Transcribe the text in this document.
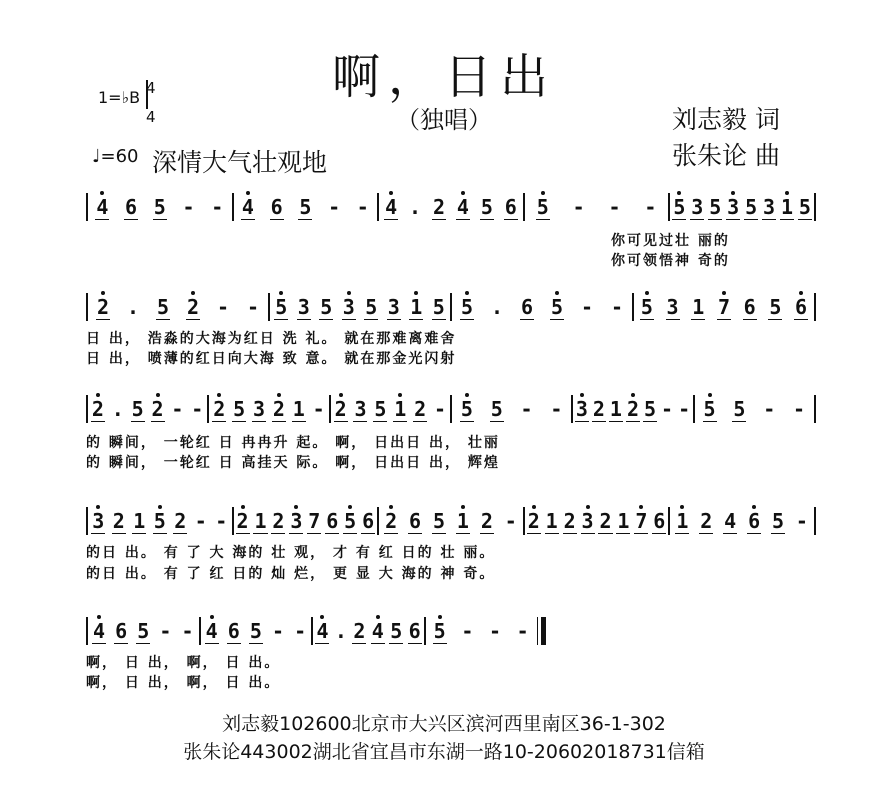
啊，日出
（独唱）
1=♭B 4
4
♩=60 深情大气壮观地
刘志毅 词
张朱论 曲
4 6 5 - - 4 6 5 - - 4 . 2 4 5 6 5 - - - 5 3 5 3 5 3 1 5
你可见过壮 丽的
你可领悟神 奇的
2 . 5 2 - - 5 3 5 3 5 3 1 5 5 . 6 5 - - 5 3 1 7 6 5 6
日 出， 浩淼的大海为红日 洗 礼。 就在那难离难舍
日 出， 喷薄的红日向大海 致 意。 就在那金光闪射
2 . 5 2 - - 2 5 3 2 1 - 2 3 5 1 2 - 5 5 - - 3 2 1 2 5 - - 5 5 - -
的 瞬间， 一轮红 日 冉冉升 起。 啊， 日出日 出， 壮丽
的 瞬间， 一轮红 日 高挂天 际。 啊， 日出日 出， 辉煌
3 2 1 5 2 - - 2 1 2 3 7 6 5 6 2 6 5 1 2 - 2 1 2 3 2 1 7 6 1 2 4 6 5 -
的日 出。 有 了 大 海的 壮 观， 才 有 红 日的 壮 丽。
的日 出。 有 了 红 日的 灿 烂， 更 显 大 海的 神 奇。
4 6 5 - - 4 6 5 - - 4 . 2 4 5 6 5 - - -
啊， 日 出， 啊， 日 出。
啊， 日 出， 啊， 日 出。
刘志毅102600北京市大兴区滨河西里南区36-1-302
张朱论443002湖北省宜昌市东湖一路10-20602018731信箱
